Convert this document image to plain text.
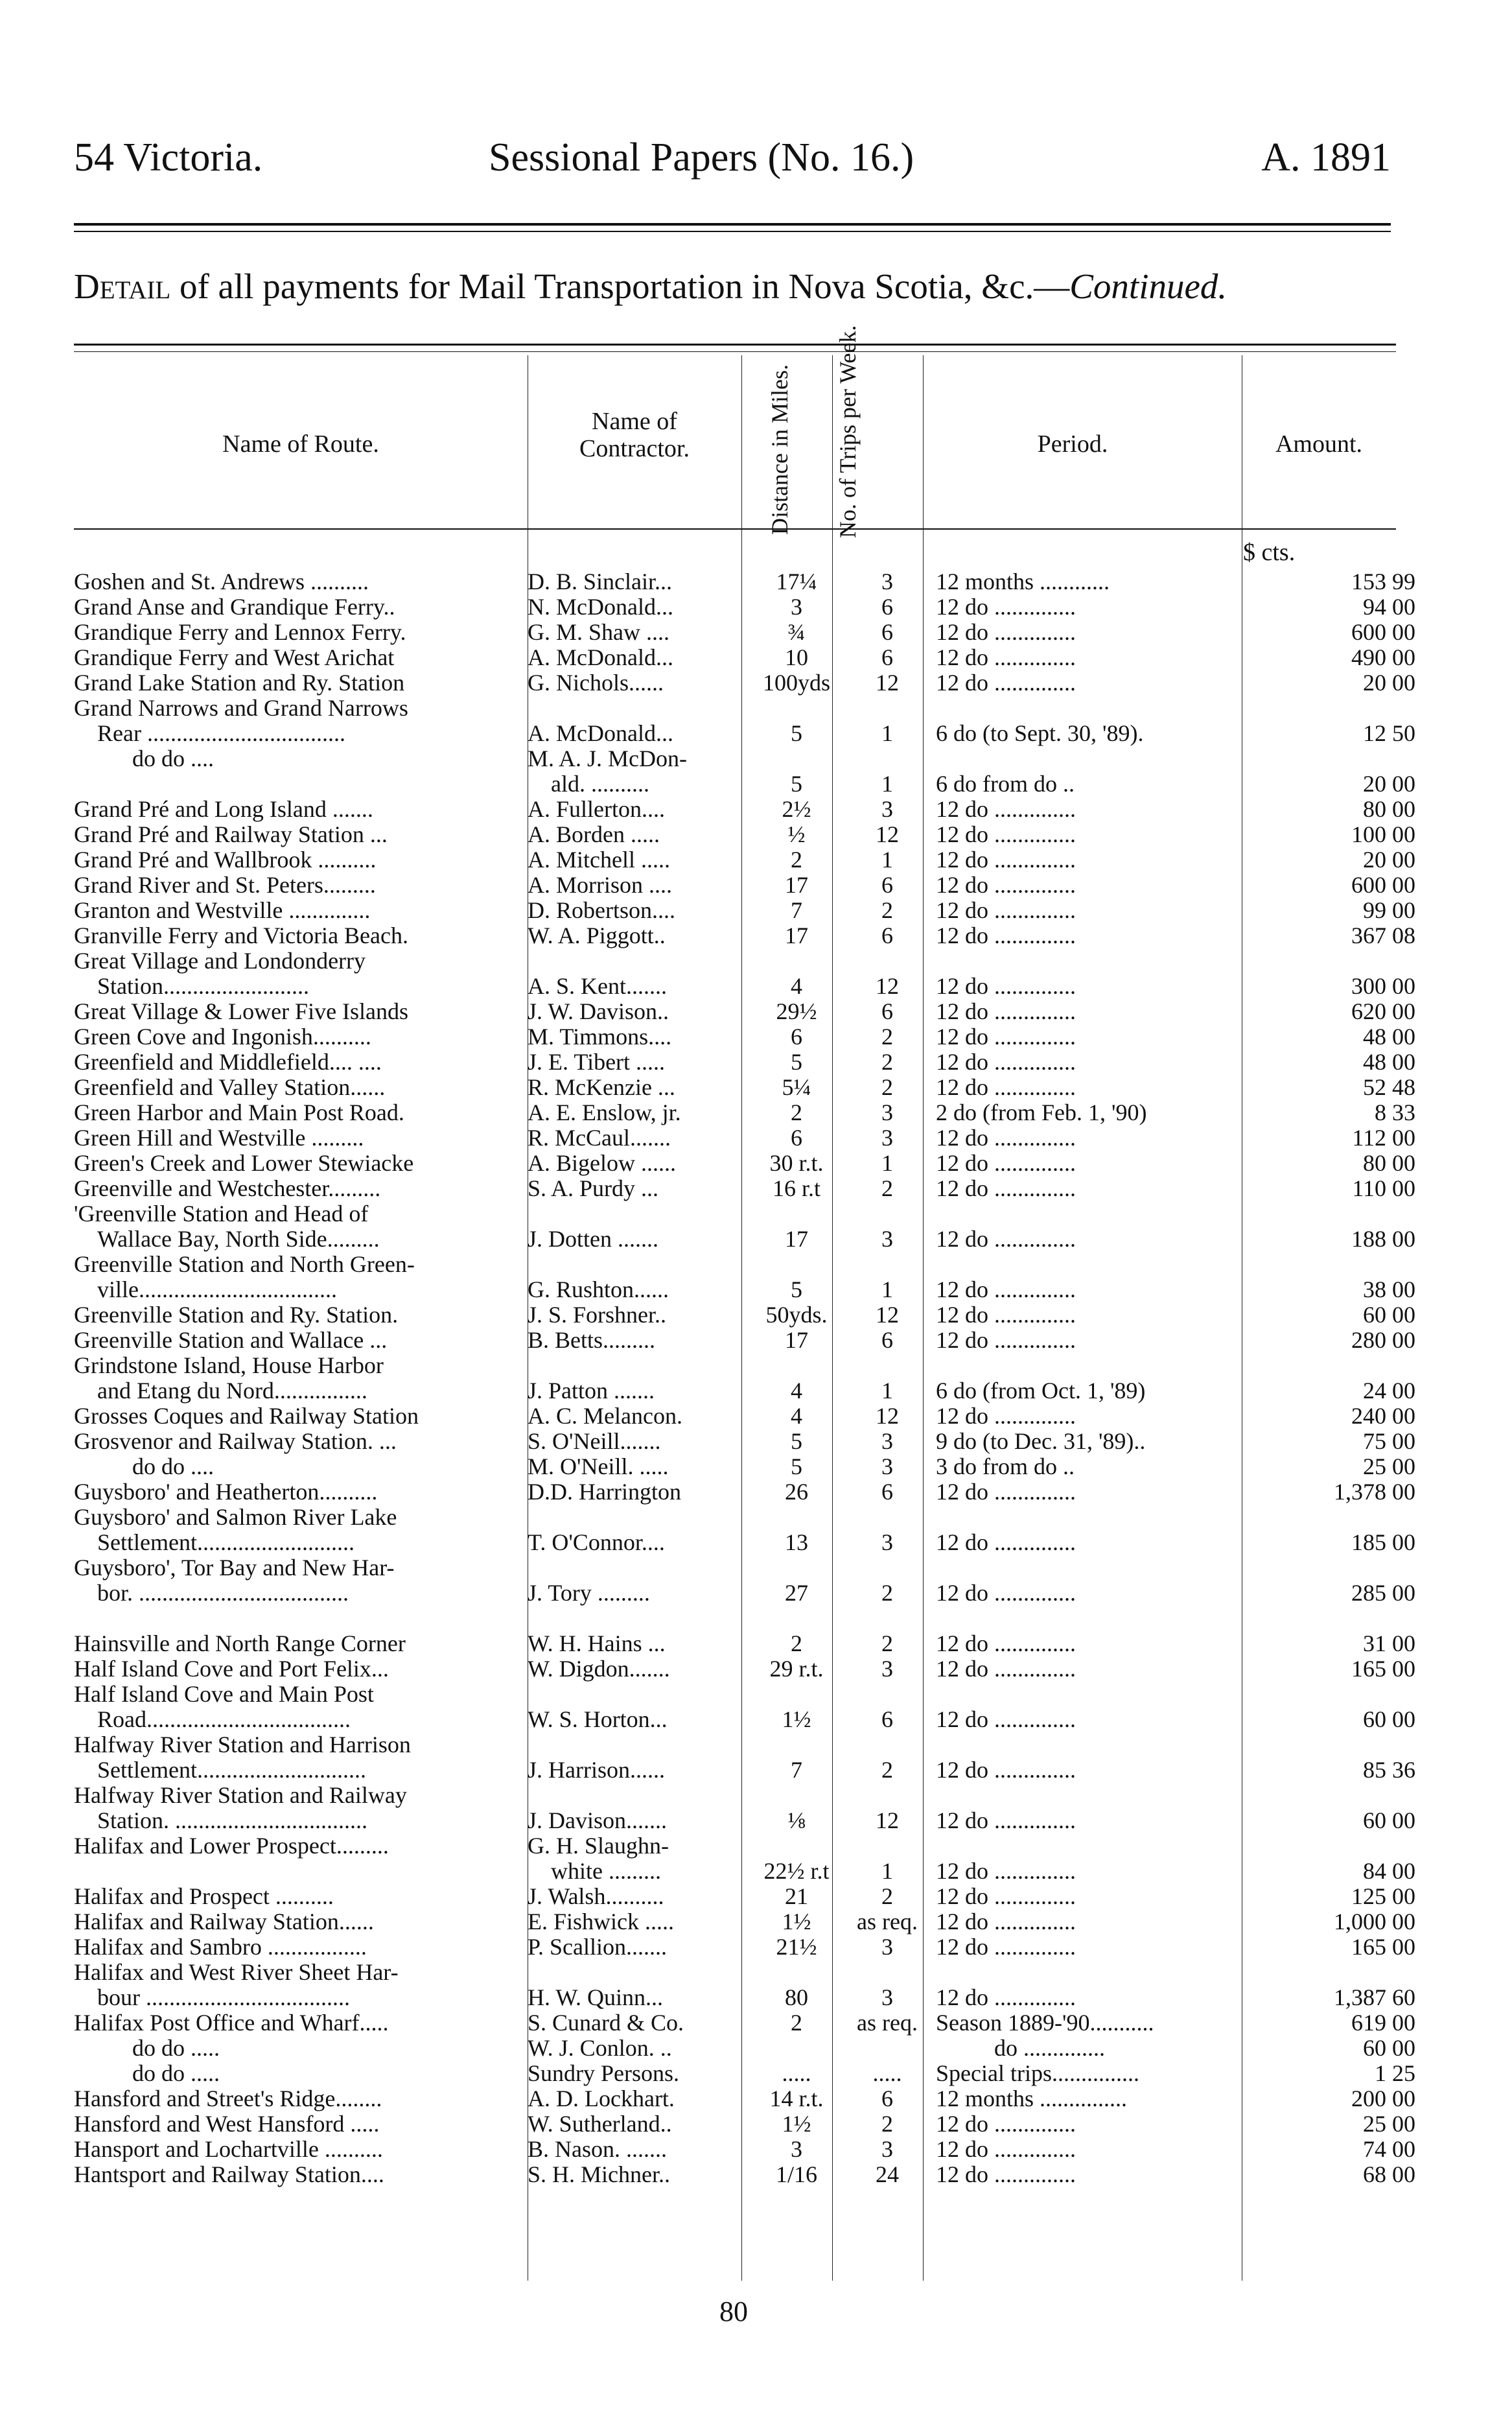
54 Victoria.	Sessional Papers (No. 16.)	A. 1891
Detail of all payments for Mail Transportation in Nova Scotia, &c.—Continued.
Name of Route.
Name of Contractor.	Distance in Miles.	No. of Trips per Week.	Period.	Amount.
$ cts.
Goshen and St. Andrews ..........	D. B. Sinclair...	17¼	3	12 months ............	153 99
Grand Anse and Grandique Ferry..	N. McDonald...	3	6	12 do ..............	94 00
Grandique Ferry and Lennox Ferry.	G. M. Shaw ....	¾	6	12 do ..............	600 00
Grandique Ferry and West Arichat	A. McDonald...	10	6	12 do ..............	490 00
Grand Lake Station and Ry. Station	G. Nichols......	100yds	12	12 do ..............	20 00
Grand Narrows and Grand Narrows					
Rear ..................................	A. McDonald...	5	1	6 do (to Sept. 30, '89).	12 50
do do ....	M. A. J. McDon-				
	ald. ..........	5	1	6 do from do ..	20 00
Grand Pré and Long Island .......	A. Fullerton....	2½	3	12 do ..............	80 00
Grand Pré and Railway Station ...	A. Borden .....	½	12	12 do ..............	100 00
Grand Pré and Wallbrook ..........	A. Mitchell .....	2	1	12 do ..............	20 00
Grand River and St. Peters.........	A. Morrison ....	17	6	12 do ..............	600 00
Granton and Westville ..............	D. Robertson....	7	2	12 do ..............	99 00
Granville Ferry and Victoria Beach.	W. A. Piggott..	17	6	12 do ..............	367 08
Great Village and Londonderry					
Station.........................	A. S. Kent.......	4	12	12 do ..............	300 00
Great Village & Lower Five Islands	J. W. Davison..	29½	6	12 do ..............	620 00
Green Cove and Ingonish..........	M. Timmons....	6	2	12 do ..............	48 00
Greenfield and Middlefield.... ....	J. E. Tibert .....	5	2	12 do ..............	48 00
Greenfield and Valley Station......	R. McKenzie ...	5¼	2	12 do ..............	52 48
Green Harbor and Main Post Road.	A. E. Enslow, jr.	2	3	2 do (from Feb. 1, '90)	8 33
Green Hill and Westville .........	R. McCaul.......	6	3	12 do ..............	112 00
Green's Creek and Lower Stewiacke	A. Bigelow ......	30 r.t.	1	12 do ..............	80 00
Greenville and Westchester.........	S. A. Purdy ...	16 r.t	2	12 do ..............	110 00
'Greenville Station and Head of					
Wallace Bay, North Side.........	J. Dotten .......	17	3	12 do ..............	188 00
Greenville Station and North Green-					
ville..................................	G. Rushton......	5	1	12 do ..............	38 00
Greenville Station and Ry. Station.	J. S. Forshner..	50yds.	12	12 do ..............	60 00
Greenville Station and Wallace ...	B. Betts.........	17	6	12 do ..............	280 00
Grindstone Island, House Harbor					
and Etang du Nord................	J. Patton .......	4	1	6 do (from Oct. 1, '89)	24 00
Grosses Coques and Railway Station	A. C. Melancon.	4	12	12 do ..............	240 00
Grosvenor and Railway Station. ...	S. O'Neill.......	5	3	9 do (to Dec. 31, '89)..	75 00
do do ....	M. O'Neill. .....	5	3	3 do from do ..	25 00
Guysboro' and Heatherton..........	D.D. Harrington	26	6	12 do ..............	1,378 00
Guysboro' and Salmon River Lake					
Settlement...........................	T. O'Connor....	13	3	12 do ..............	185 00
Guysboro', Tor Bay and New Har-					
bor. ....................................	J. Tory .........	27	2	12 do ..............	285 00

Hainsville and North Range Corner	W. H. Hains ...	2	2	12 do ..............	31 00
Half Island Cove and Port Felix...	W. Digdon.......	29 r.t.	3	12 do ..............	165 00
Half Island Cove and Main Post					
Road...................................	W. S. Horton...	1½	6	12 do ..............	60 00
Halfway River Station and Harrison					
Settlement.............................	J. Harrison......	7	2	12 do ..............	85 36
Halfway River Station and Railway					
Station. .................................	J. Davison.......	⅛	12	12 do ..............	60 00
Halifax and Lower Prospect.........	G. H. Slaughn-				
	white .........	22½ r.t	1	12 do ..............	84 00
Halifax and Prospect ..........	J. Walsh..........	21	2	12 do ..............	125 00
Halifax and Railway Station......	E. Fishwick .....	1½	as req.	12 do ..............	1,000 00
Halifax and Sambro .................	P. Scallion.......	21½	3	12 do ..............	165 00
Halifax and West River Sheet Har-					
bour ...................................	H. W. Quinn...	80	3	12 do ..............	1,387 60
Halifax Post Office and Wharf.....	S. Cunard & Co.	2	as req.	Season 1889-'90...........	619 00
do do .....	W. J. Conlon. ..			do ..............	60 00
do do .....	Sundry Persons.	.....	.....	Special trips...............	1 25
Hansford and Street's Ridge........	A. D. Lockhart.	14 r.t.	6	12 months ...............	200 00
Hansford and West Hansford .....	W. Sutherland..	1½	2	12 do ..............	25 00
Hansport and Lochartville ..........	B. Nason. .......	3	3	12 do ..............	74 00
Hantsport and Railway Station....	S. H. Michner..	1/16	24	12 do ..............	68 00
80
